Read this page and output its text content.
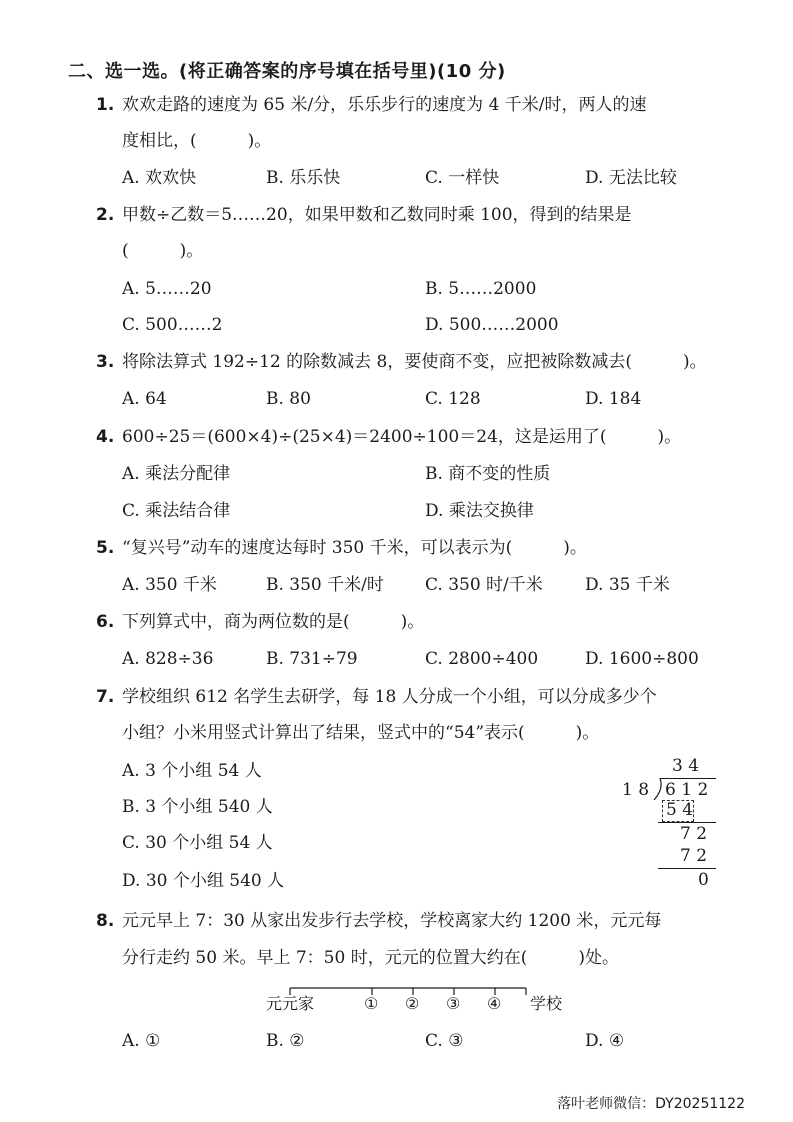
二、选一选。(将正确答案的序号填在括号里)(10 分)
1. 欢欢走路的速度为 65 米/分，乐乐步行的速度为 4 千米/时，两人的速
度相比，(　　　)。
A. 欢欢快	B. 乐乐快	C. 一样快	D. 无法比较
2. 甲数÷乙数＝5……20，如果甲数和乙数同时乘 100，得到的结果是
(　　　)。
A. 5……20	B. 5……2000
C. 500……2	D. 500……2000
3. 将除法算式 192÷12 的除数减去 8，要使商不变，应把被除数减去(　　　)。
A. 64	B. 80	C. 128	D. 184
4. 600÷25＝(600×4)÷(25×4)＝2400÷100＝24，这是运用了(　　　)。
A. 乘法分配律	B. 商不变的性质
C. 乘法结合律	D. 乘法交换律
5. “复兴号”动车的速度达每时 350 千米，可以表示为(　　　)。
A. 350 千米	B. 350 千米/时 C. 350 时/千米 D. 35 千米
6. 下列算式中，商为两位数的是(　　　)。
A. 828÷36	B. 731÷79	C. 2800÷400	D. 1600÷800
7. 学校组织 612 名学生去研学，每 18 人分成一个小组，可以分成多少个
小组？小米用竖式计算出了结果，竖式中的“54”表示(　　　)。
A. 3 个小组 54 人
B. 3 个小组 540 人
C. 30 个小组 54 人
D. 30 个小组 540 人
3 4
1 8 6 1 2
5 4
7 2
7 2
0
8. 元元早上 7：30 从家出发步行去学校，学校离家大约 1200 米，元元每
分行走约 50 米。早上 7：50 时，元元的位置大约在(　　　)处。
元元家	① ② ③ ④ 学校
A. ①	B. ②	C. ③	D. ④
落叶老师微信：DY20251122
